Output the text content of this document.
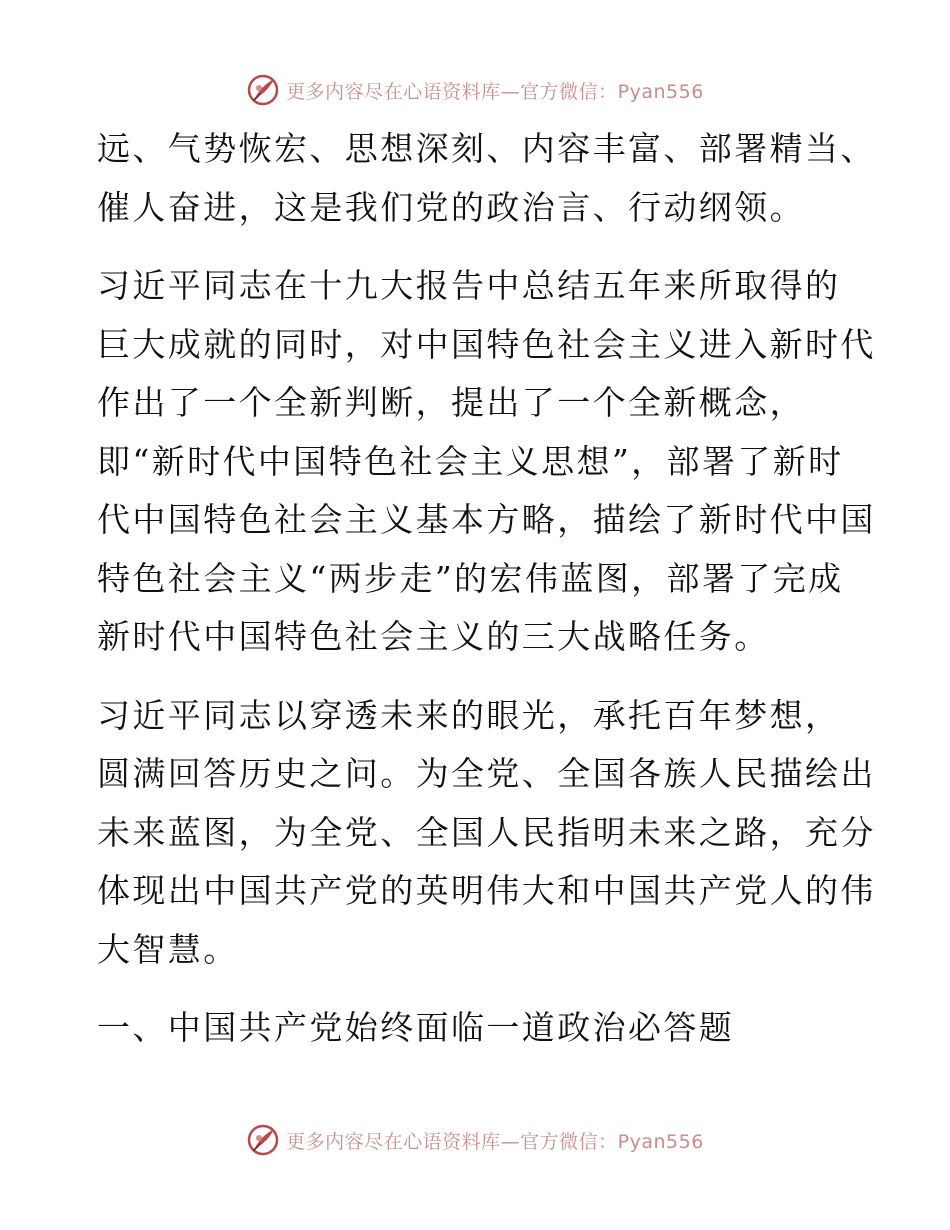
更多内容尽在心语资料库—官方微信：Pyan556

远、气势恢宏、思想深刻、内容丰富、部署精当、
催人奋进，这是我们党的政治言、行动纲领。

习近平同志在十九大报告中总结五年来所取得的
巨大成就的同时，对中国特色社会主义进入新时代
作出了一个全新判断，提出了一个全新概念，
即“新时代中国特色社会主义思想”，部署了新时
代中国特色社会主义基本方略，描绘了新时代中国
特色社会主义“两步走”的宏伟蓝图，部署了完成
新时代中国特色社会主义的三大战略任务。

习近平同志以穿透未来的眼光，承托百年梦想，
圆满回答历史之问。为全党、全国各族人民描绘出
未来蓝图，为全党、全国人民指明未来之路，充分
体现出中国共产党的英明伟大和中国共产党人的伟
大智慧。

一、中国共产党始终面临一道政治必答题

更多内容尽在心语资料库—官方微信：Pyan556
